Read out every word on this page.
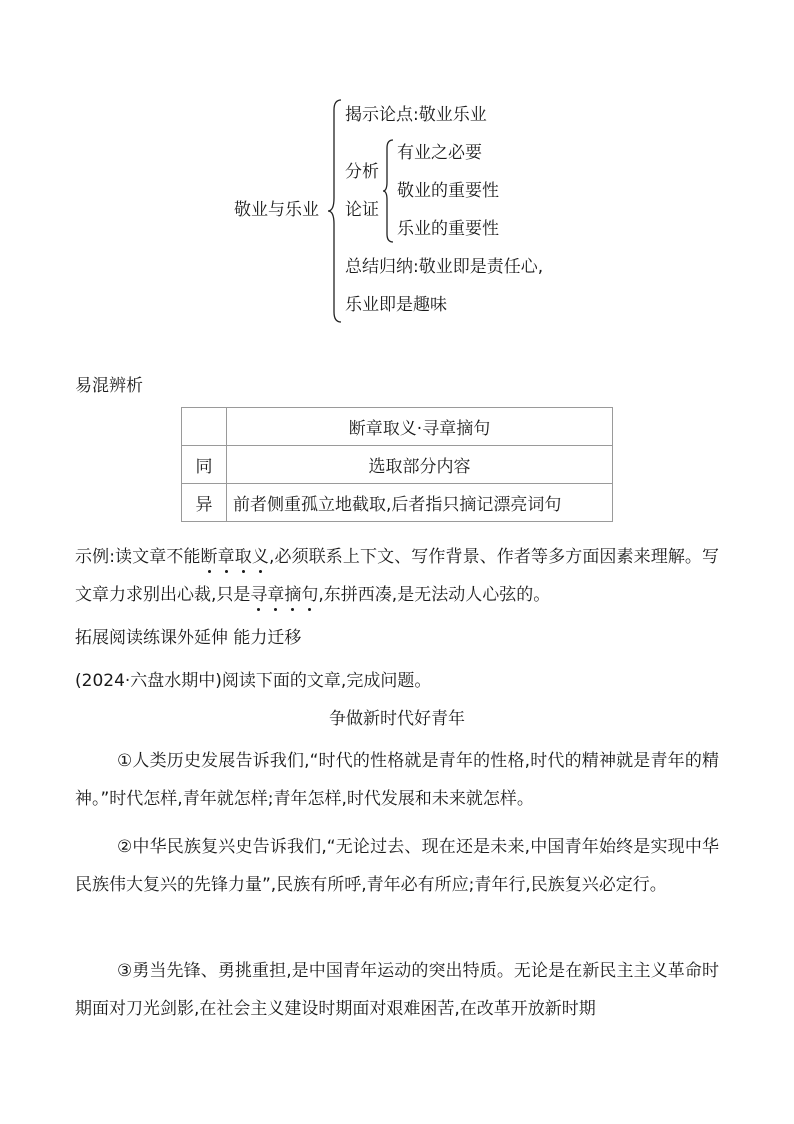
敬业与乐业
揭示论点:敬业乐业
分析
论证
有业之必要
敬业的重要性
乐业的重要性
总结归纳:敬业即是责任心,
乐业即是趣味
易混辨析
	断章取义·寻章摘句
同	选取部分内容
异	前者侧重孤立地截取,后者指只摘记漂亮词句
示例:读文章不能断章取义,必须联系上下文、写作背景、作者等多方面因素来理解。写文章力求别出心裁,只是寻章摘句,东拼西凑,是无法动人心弦的。
拓展阅读练课外延伸 能力迁移
(2024·六盘水期中)阅读下面的文章,完成问题。
争做新时代好青年
①人类历史发展告诉我们,“时代的性格就是青年的性格,时代的精神就是青年的精神。”时代怎样,青年就怎样;青年怎样,时代发展和未来就怎样。
②中华民族复兴史告诉我们,“无论过去、现在还是未来,中国青年始终是实现中华民族伟大复兴的先锋力量”,民族有所呼,青年必有所应;青年行,民族复兴必定行。
③勇当先锋、勇挑重担,是中国青年运动的突出特质。无论是在新民主主义革命时期面对刀光剑影,在社会主义建设时期面对艰难困苦,在改革开放新时期
